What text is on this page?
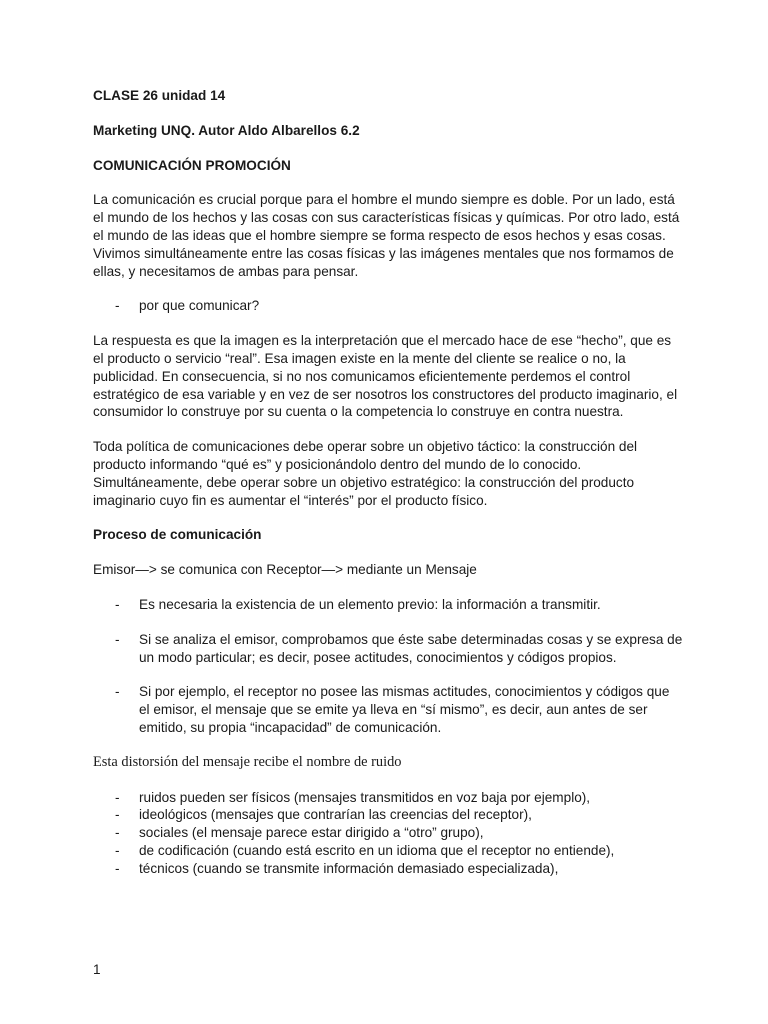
CLASE 26 unidad 14

Marketing UNQ. Autor Aldo Albarellos 6.2

COMUNICACIÓN PROMOCIÓN

La comunicación es crucial porque para el hombre el mundo siempre es doble. Por un lado, está el mundo de los hechos y las cosas con sus características físicas y químicas. Por otro lado, está el mundo de las ideas que el hombre siempre se forma respecto de esos hechos y esas cosas. Vivimos simultáneamente entre las cosas físicas y las imágenes mentales que nos formamos de ellas, y necesitamos de ambas para pensar.

- por que comunicar?

La respuesta es que la imagen es la interpretación que el mercado hace de ese “hecho”, que es el producto o servicio “real”. Esa imagen existe en la mente del cliente se realice o no, la publicidad. En consecuencia, si no nos comunicamos eficientemente perdemos el control estratégico de esa variable y en vez de ser nosotros los constructores del producto imaginario, el consumidor lo construye por su cuenta o la competencia lo construye en contra nuestra.

Toda política de comunicaciones debe operar sobre un objetivo táctico: la construcción del producto informando “qué es” y posicionándolo dentro del mundo de lo conocido. Simultáneamente, debe operar sobre un objetivo estratégico: la construcción del producto imaginario cuyo fin es aumentar el “interés” por el producto físico.

Proceso de comunicación

Emisor—> se comunica con Receptor—> mediante un Mensaje

- Es necesaria la existencia de un elemento previo: la información a transmitir.
- Si se analiza el emisor, comprobamos que éste sabe determinadas cosas y se expresa de un modo particular; es decir, posee actitudes, conocimientos y códigos propios.
- Si por ejemplo, el receptor no posee las mismas actitudes, conocimientos y códigos que el emisor, el mensaje que se emite ya lleva en “sí mismo”, es decir, aun antes de ser emitido, su propia “incapacidad” de comunicación.

Esta distorsión del mensaje recibe el nombre de ruido

- ruidos pueden ser físicos (mensajes transmitidos en voz baja por ejemplo),
- ideológicos (mensajes que contrarían las creencias del receptor),
- sociales (el mensaje parece estar dirigido a “otro” grupo),
- de codificación (cuando está escrito en un idioma que el receptor no entiende),
- técnicos (cuando se transmite información demasiado especializada),
1
